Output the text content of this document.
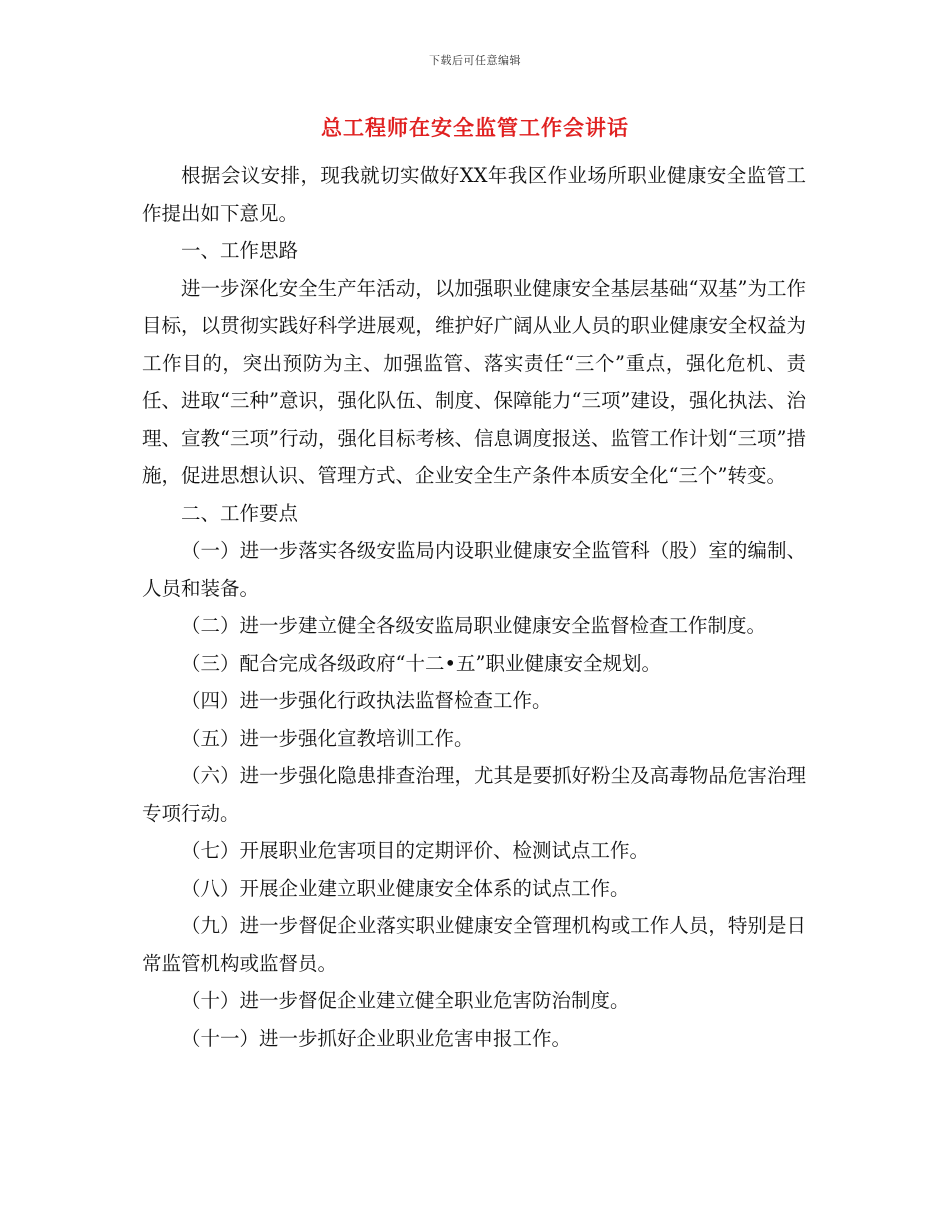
下载后可任意编辑
总工程师在安全监管工作会讲话

根据会议安排，现我就切实做好XX年我区作业场所职业健康安全监管工作提出如下意见。

一、工作思路

进一步深化安全生产年活动，以加强职业健康安全基层基础“双基”为工作目标，以贯彻实践好科学进展观，维护好广阔从业人员的职业健康安全权益为工作目的，突出预防为主、加强监管、落实责任“三个”重点，强化危机、责任、进取“三种”意识，强化队伍、制度、保障能力“三项”建设，强化执法、治理、宣教“三项”行动，强化目标考核、信息调度报送、监管工作计划“三项”措施，促进思想认识、管理方式、企业安全生产条件本质安全化“三个”转变。

二、工作要点

（一）进一步落实各级安监局内设职业健康安全监管科（股）室的编制、人员和装备。

（二）进一步建立健全各级安监局职业健康安全监督检查工作制度。

（三）配合完成各级政府“十二•五”职业健康安全规划。

（四）进一步强化行政执法监督检查工作。

（五）进一步强化宣教培训工作。

（六）进一步强化隐患排查治理，尤其是要抓好粉尘及高毒物品危害治理专项行动。

（七）开展职业危害项目的定期评价、检测试点工作。

（八）开展企业建立职业健康安全体系的试点工作。

（九）进一步督促企业落实职业健康安全管理机构或工作人员，特别是日常监管机构或监督员。

（十）进一步督促企业建立健全职业危害防治制度。

（十一）进一步抓好企业职业危害申报工作。
